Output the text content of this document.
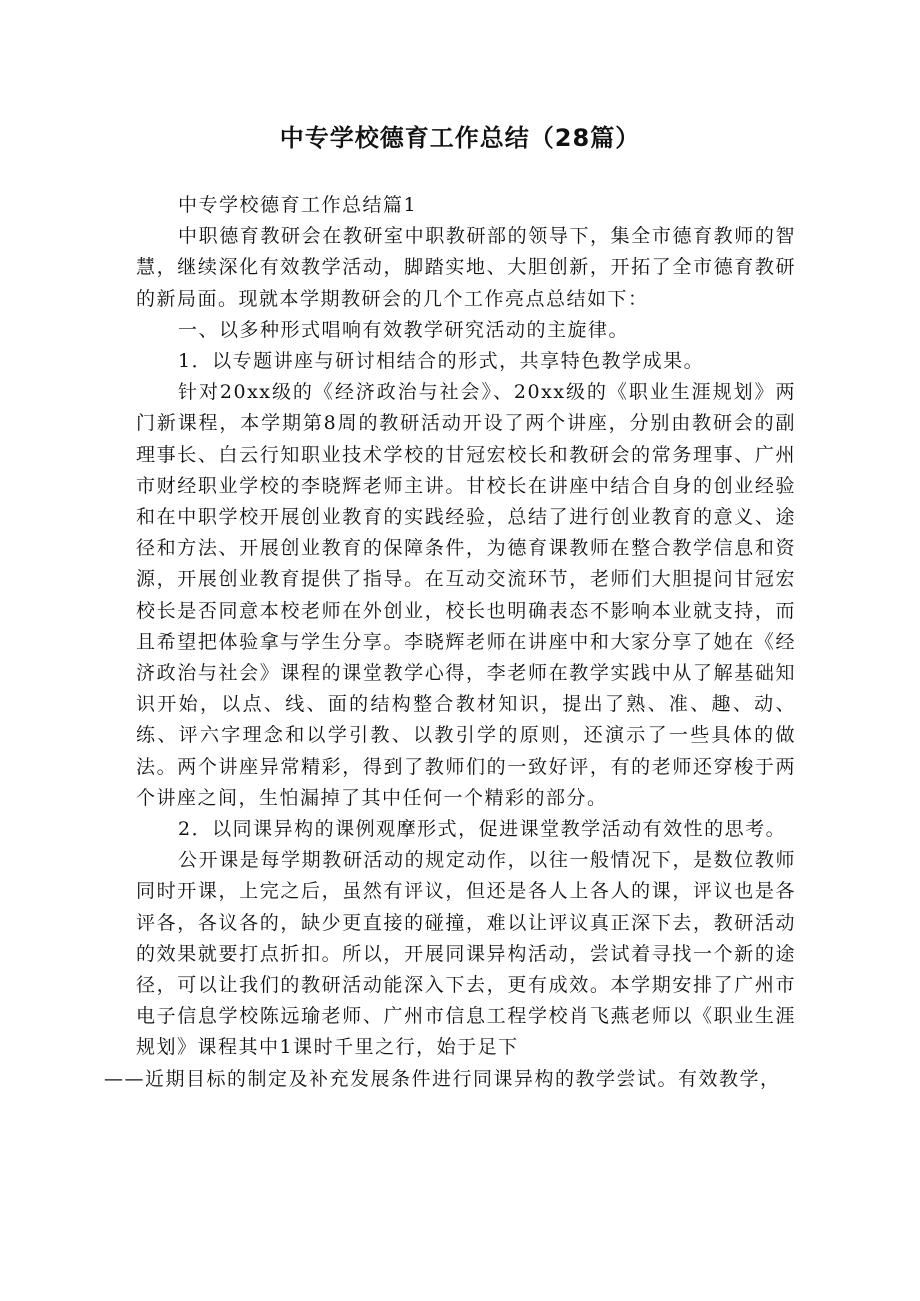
中专学校德育工作总结（28篇）

中专学校德育工作总结篇1

中职德育教研会在教研室中职教研部的领导下，集全市德育教师的智慧，继续深化有效教学活动，脚踏实地、大胆创新，开拓了全市德育教研的新局面。现就本学期教研会的几个工作亮点总结如下：

一、以多种形式唱响有效教学研究活动的主旋律。

1．以专题讲座与研讨相结合的形式，共享特色教学成果。

针对20xx级的《经济政治与社会》、20xx级的《职业生涯规划》两门新课程，本学期第8周的教研活动开设了两个讲座，分别由教研会的副理事长、白云行知职业技术学校的甘冠宏校长和教研会的常务理事、广州市财经职业学校的李晓辉老师主讲。甘校长在讲座中结合自身的创业经验和在中职学校开展创业教育的实践经验，总结了进行创业教育的意义、途径和方法、开展创业教育的保障条件，为德育课教师在整合教学信息和资源，开展创业教育提供了指导。在互动交流环节，老师们大胆提问甘冠宏校长是否同意本校老师在外创业，校长也明确表态不影响本业就支持，而且希望把体验拿与学生分享。李晓辉老师在讲座中和大家分享了她在《经济政治与社会》课程的课堂教学心得，李老师在教学实践中从了解基础知识开始，以点、线、面的结构整合教材知识，提出了熟、准、趣、动、练、评六字理念和以学引教、以教引学的原则，还演示了一些具体的做法。两个讲座异常精彩，得到了教师们的一致好评，有的老师还穿梭于两个讲座之间，生怕漏掉了其中任何一个精彩的部分。

2．以同课异构的课例观摩形式，促进课堂教学活动有效性的思考。

公开课是每学期教研活动的规定动作，以往一般情况下，是数位教师同时开课，上完之后，虽然有评议，但还是各人上各人的课，评议也是各评各，各议各的，缺少更直接的碰撞，难以让评议真正深下去，教研活动的效果就要打点折扣。所以，开展同课异构活动，尝试着寻找一个新的途径，可以让我们的教研活动能深入下去，更有成效。本学期安排了广州市电子信息学校陈远瑜老师、广州市信息工程学校肖飞燕老师以《职业生涯规划》课程其中1课时千里之行，始于足下

——近期目标的制定及补充发展条件进行同课异构的教学尝试。有效教学，
